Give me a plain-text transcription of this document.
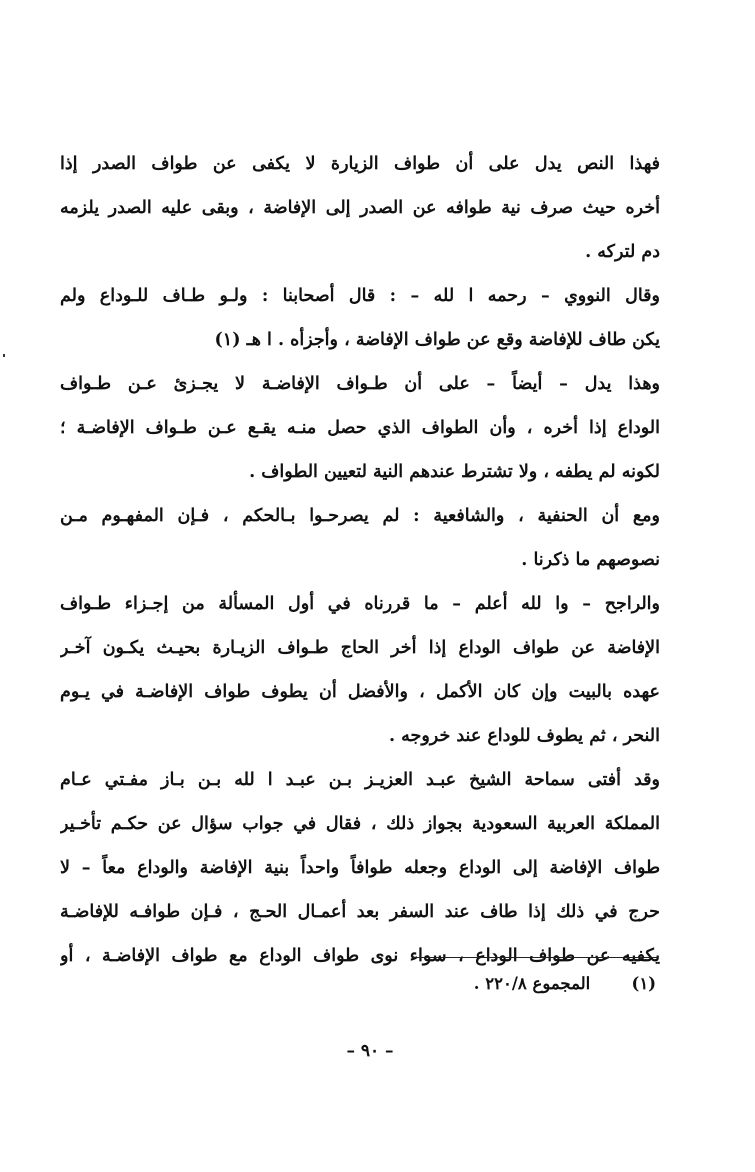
فهذا النص يدل على أن طواف الزيارة لا يكفى عن طواف الصدر إذا
أخره حيث صرف نية طوافه عن الصدر إلى الإفاضة ، وبقى عليه الصدر يلزمه
دم لتركه .
وقال النووي – رحمه ا لله – : قال أصحابنا : ولـو طـاف للـوداع ولم
يكن طاف للإفاضة وقع عن طواف الإفاضة ، وأجزأه . ا هـ (١)
وهذا يدل – أيضاً – على أن طـواف الإفاضـة لا يجـزئ عـن طـواف
الوداع إذا أخره ، وأن الطواف الذي حصل منـه يقـع عـن طـواف الإفاضـة ؛
لكونه لم يطفه ، ولا تشترط عندهم النية لتعيين الطواف .
ومع أن الحنفية ، والشافعية : لم يصرحـوا بـالحكم ، فـإن المفهـوم مـن
نصوصهم ما ذكرنا .
والراجح – وا لله أعلم – ما قررناه في أول المسألة من إجـزاء طـواف
الإفاضة عن طواف الوداع إذا أخر الحاج طـواف الزيـارة بحيـث يكـون آخـر
عهده بالبيت وإن كان الأكمل ، والأفضل أن يطوف طواف الإفاضـة في يـوم
النحر ، ثم يطوف للوداع عند خروجه .
وقد أفتى سماحة الشيخ عبـد العزيـز بـن عبـد ا لله بـن بـاز مفـتي عـام
المملكة العربية السعودية بجواز ذلك ، فقال في جواب سؤال عن حكـم تأخـير
طواف الإفاضة إلى الوداع وجعله طوافاً واحداً بنية الإفاضة والوداع معاً – لا
حرج في ذلك إذا طاف عند السفر بعد أعمـال الحـج ، فـإن طوافـه للإفاضـة
يكفيه عن طواف الوداع ، سواء نوى طواف الوداع مع طواف الإفاضـة ، أو
(١) المجموع ٢٢٠/٨ .
– ٩٠ –
